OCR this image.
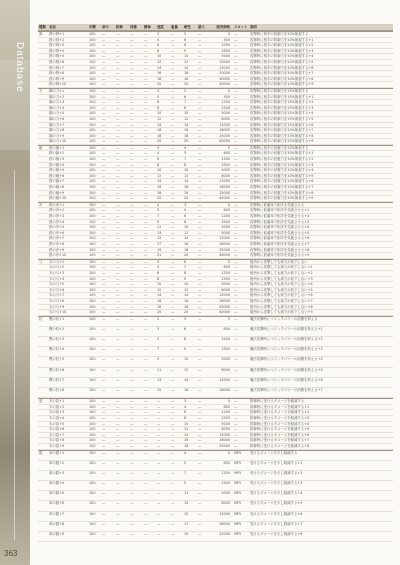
Database
種類 名前	攻撃	命中	防御	回避	精神	速度	重量	耐性	最大	販売価格 スロット 説明
剣	鉄の剣+1	100	—	—	—	—	3	—	5	—	0 —	攻撃時に相手の防御力を10%無視する
鉄の剣+2	100	—	—	—	—	4	—	6	—	500 —	攻撃時に相手の防御力を10%無視する+1
鉄の剣+3	100	—	—	—	—	6	—	8	—	1000 —	攻撃時に相手の防御力を10%無視する+2
鉄の剣+4	100	—	—	—	—	8	—	9	—	2500 —	攻撃時に相手の防御力を10%無視する+3
鉄の剣+5	100	—	—	—	—	10	—	10	—	5000 —	攻撃時に相手の防御力を10%無視する+4
鉄の剣+6	100	—	—	—	—	12	—	12	—	10000 —	攻撃時に相手の防御力を10%無視する+5
鉄の剣+7	100	—	—	—	—	14	—	14	—	15000 —	攻撃時に相手の防御力を10%無視する+6
鉄の剣+8	100	—	—	—	—	16	—	16	—	20000 —	攻撃時に相手の防御力を10%無視する+7
鉄の剣+9	100	—	—	—	—	18	—	18	—	30000 —	攻撃時に相手の防御力を10%無視する+8
鉄の剣+10	100	—	—	—	—	20	—	20	—	50000 —	攻撃時に相手の防御力を10%無視する+9
刀	鋼の刀+1	100	—	—	—	—	3	—	5	—	0 —	攻撃時に相手の防御力を15%無視する
鋼の刀+2	100	—	—	—	—	5	—	6	—	500 —	攻撃時に相手の防御力を15%無視する+1
鋼の刀+3	100	—	—	—	—	6	—	7	—	1200 —	攻撃時に相手の防御力を15%無視する+2
鋼の刀+4	100	—	—	—	—	8	—	8	—	2500 —	攻撃時に相手の防御力を15%無視する+3
鋼の刀+5	100	—	—	—	—	10	—	10	—	5000 —	攻撃時に相手の防御力を15%無視する+4
鋼の刀+6	100	—	—	—	—	12	—	12	—	8000 —	攻撃時に相手の防御力を15%無視する+5
鋼の刀+7	100	—	—	—	—	14	—	14	—	12000 —	攻撃時に相手の防御力を15%無視する+6
鋼の刀+8	100	—	—	—	—	16	—	16	—	18000 —	攻撃時に相手の防御力を15%無視する+7
鋼の刀+9	100	—	—	—	—	18	—	18	—	25000 —	攻撃時に相手の防御力を15%無視する+8
鋼の刀+10	100	—	—	—	—	20	—	20	—	40000 —	攻撃時に相手の防御力を15%無視する+9
槍	鉄の槍+1	100	—	—	—	—	3	—	4	—	0 —	攻撃時に相手の回避力を10%無視する
鉄の槍+2	100	—	—	—	—	4	—	5	—	600 —	攻撃時に相手の回避力を10%無視する+1
鉄の槍+3	100	—	—	—	—	6	—	7	—	1200 —	攻撃時に相手の回避力を10%無視する+2
鉄の槍+4	100	—	—	—	—	8	—	8	—	2500 —	攻撃時に相手の回避力を10%無視する+3
鉄の槍+5	100	—	—	—	—	10	—	10	—	5000 —	攻撃時に相手の回避力を10%無視する+4
鉄の槍+6	100	—	—	—	—	12	—	12	—	8000 —	攻撃時に相手の回避力を10%無視する+5
鉄の槍+7	100	—	—	—	—	14	—	14	—	12000 —	攻撃時に相手の回避力を10%無視する+6
鉄の槍+8	100	—	—	—	—	16	—	16	—	18000 —	攻撃時に相手の回避力を10%無視する+7
鉄の槍+9	100	—	—	—	—	18	—	18	—	25000 —	攻撃時に相手の回避力を10%無視する+8
鉄の槍+10	100	—	—	—	—	20	—	20	—	40000 —	攻撃時に相手の回避力を10%無視する+9
斧	鉄の斧+1	100	—	—	—	—	4	—	3	—	0 —	攻撃時に低確率で相手を気絶させる
鉄の斧+2	100	—	—	—	—	5	—	4	—	600 —	攻撃時に低確率で相手を気絶させる+1
鉄の斧+3	100	—	—	—	—	7	—	6	—	1200 —	攻撃時に低確率で相手を気絶させる+2
鉄の斧+4	100	—	—	—	—	9	—	8	—	2500 —	攻撃時に低確率で相手を気絶させる+3
鉄の斧+5	100	—	—	—	—	11	—	10	—	5000 —	攻撃時に低確率で相手を気絶させる+4
鉄の斧+6	100	—	—	—	—	13	—	12	—	8000 —	攻撃時に低確率で相手を気絶させる+5
鉄の斧+7	100	—	—	—	—	15	—	14	—	12000 —	攻撃時に低確率で相手を気絶させる+6
鉄の斧+8	100	—	—	—	—	17	—	16	—	18000 —	攻撃時に低確率で相手を気絶させる+7
鉄の斧+9	100	—	—	—	—	19	—	18	—	25000 —	攻撃時に低確率で相手を気絶させる+8
鉄の斧+10	100	—	—	—	—	21	—	20	—	40000 —	攻撃時に低確率で相手を気絶させる+9
弓	木の弓+1	100	—	—	—	—	3	—	6	—	0 —	後列から攻撃しても威力が低下しない
木の弓+2	100	—	—	—	—	4	—	7	—	600 —	後列から攻撃しても威力が低下しない+1
木の弓+3	100	—	—	—	—	6	—	8	—	1200 —	後列から攻撃しても威力が低下しない+2
木の弓+4	100	—	—	—	—	8	—	9	—	2500 —	後列から攻撃しても威力が低下しない+3
木の弓+5	100	—	—	—	—	10	—	10	—	5000 —	後列から攻撃しても威力が低下しない+4
木の弓+6	100	—	—	—	—	12	—	12	—	8000 —	後列から攻撃しても威力が低下しない+5
木の弓+7	100	—	—	—	—	14	—	14	—	12000 —	後列から攻撃しても威力が低下しない+6
木の弓+8	100	—	—	—	—	16	—	16	—	18000 —	後列から攻撃しても威力が低下しない+7
木の弓+9	100	—	—	—	—	18	—	18	—	25000 —	後列から攻撃しても威力が低下しない+8
木の弓+10	100	—	—	—	—	20	—	20	—	40000 —	後列から攻撃しても威力が低下しない+9
杖	樫の杖+1	100	—	—	—	—	2	—	5	—	0 —	魔法攻撃時にマジックパワーの消費を抑える
樫の杖+2	100	—	—	—	—	3	—	6	—	600 —	魔法攻撃時にマジックパワーの消費を抑える+1
樫の杖+3	100	—	—	—	—	5	—	8	—	1200 —	魔法攻撃時にマジックパワーの消費を抑える+2
樫の杖+4	100	—	—	—	—	7	—	9	—	2500 —	魔法攻撃時にマジックパワーの消費を抑える+3
樫の杖+5	100	—	—	—	—	9	—	10	—	5000 —	魔法攻撃時にマジックパワーの消費を抑える+4
樫の杖+6	100	—	—	—	—	11	—	12	—	8000 —	魔法攻撃時にマジックパワーの消費を抑える+5
樫の杖+7	100	—	—	—	—	13	—	14	—	12000 —	魔法攻撃時にマジックパワーの消費を抑える+6
樫の杖+8	100	—	—	—	—	15	—	16	—	18000 —	魔法攻撃時にマジックパワーの消費を抑える+7
盾	木の盾+1	100	—	—	—	—	—	—	3	—	0 —	防御時に受けるダメージを軽減する
木の盾+2	100	—	—	—	—	—	—	4	—	600 —	防御時に受けるダメージを軽減する+1
木の盾+3	100	—	—	—	—	—	—	6	—	1200 —	防御時に受けるダメージを軽減する+2
木の盾+4	100	—	—	—	—	—	—	8	—	2500 —	防御時に受けるダメージを軽減する+3
木の盾+5	100	—	—	—	—	—	—	10	—	5000 —	防御時に受けるダメージを軽減する+4
木の盾+6	100	—	—	—	—	—	—	12	—	8000 —	防御時に受けるダメージを軽減する+5
木の盾+7	100	—	—	—	—	—	—	14	—	12000 —	防御時に受けるダメージを軽減する+6
木の盾+8	100	—	—	—	—	—	—	16	—	18000 —	防御時に受けるダメージを軽減する+7
木の盾+9	100	—	—	—	—	—	—	18	—	25000 —	防御時に受けるダメージを軽減する+8
鎧	革の鎧+1	100	—	—	—	—	—	—	4	—	0 MP5	受けるダメージを少し軽減する
革の鎧+2	100	—	—	—	—	—	—	5	—	600 MP5	受けるダメージを少し軽減する+1
革の鎧+3	100	—	—	—	—	—	—	7	—	1200 MP5	受けるダメージを少し軽減する+2
革の鎧+4	100	—	—	—	—	—	—	9	—	2500 MP5	受けるダメージを少し軽減する+3
革の鎧+5	100	—	—	—	—	—	—	11	—	5000 MP5	受けるダメージを少し軽減する+4
革の鎧+6	100	—	—	—	—	—	—	13	—	8000 MP5	受けるダメージを少し軽減する+5
革の鎧+7	100	—	—	—	—	—	—	15	—	12000 MP5	受けるダメージを少し軽減する+6
革の鎧+8	100	—	—	—	—	—	—	17	—	18000 MP5	受けるダメージを少し軽減する+7
革の鎧+9	100	—	—	—	—	—	—	19	—	25000 MP5	受けるダメージを少し軽減する+8
363
